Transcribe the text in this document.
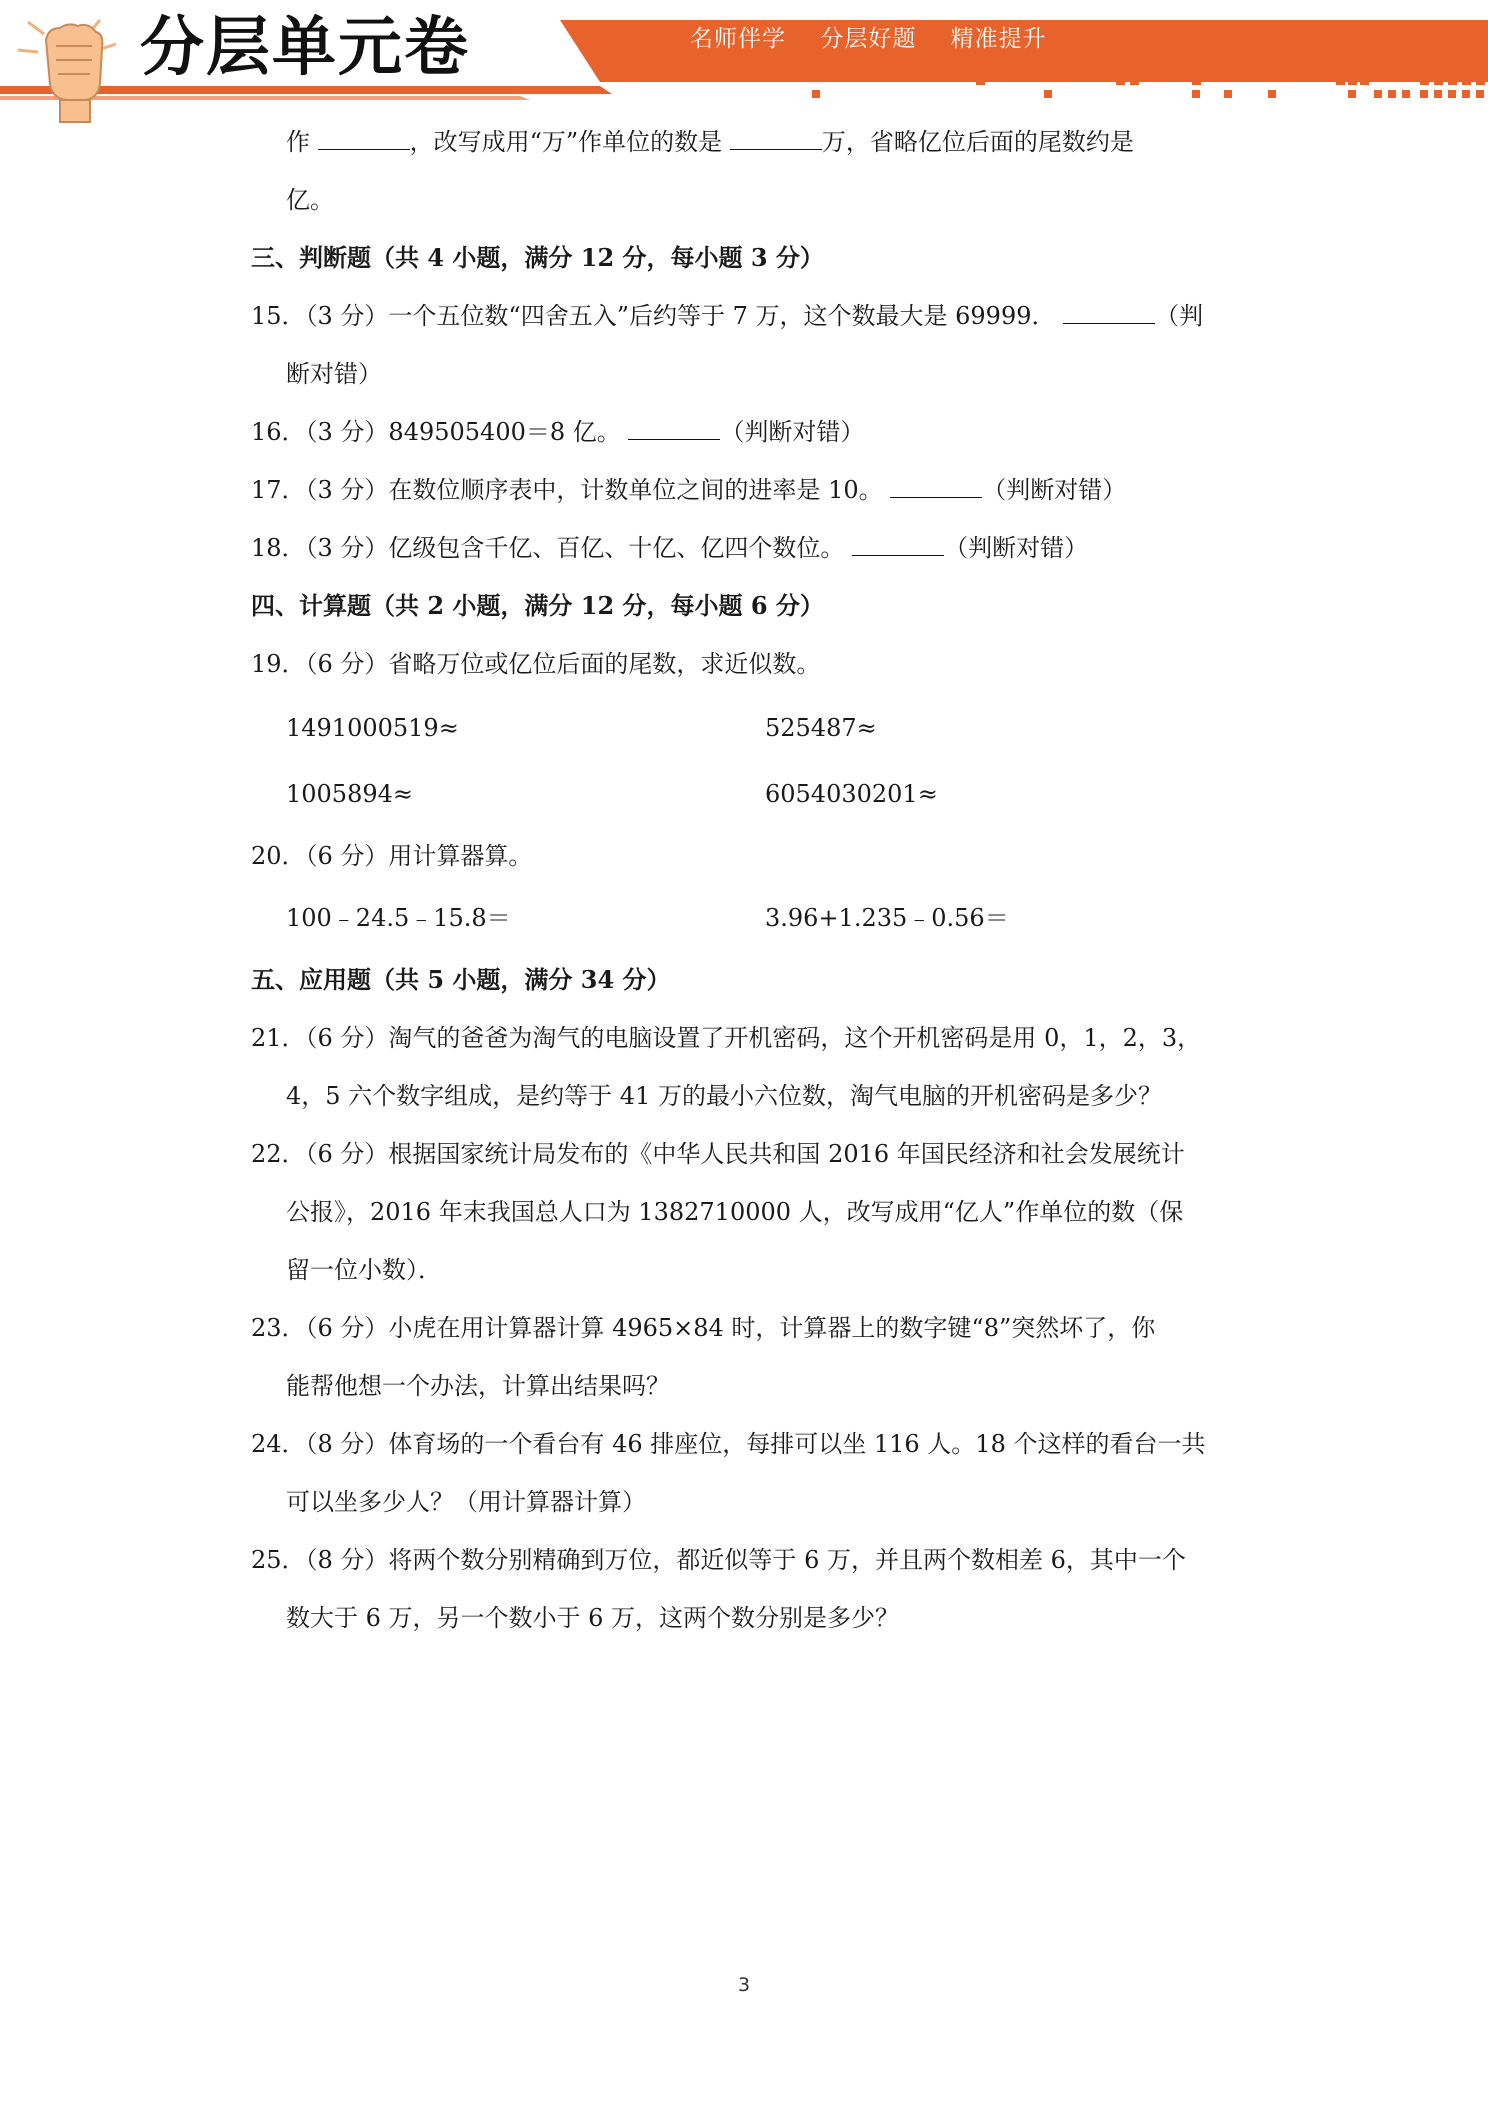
分层单元卷	名师伴学 分层好题 精准提升
作	，改写成用“万”作单位的数是	万，省略亿位后面的尾数约是
亿。
三、判断题（共 4 小题，满分 12 分，每小题 3 分）
15．（3 分）一个五位数“四舍五入”后约等于 7 万，这个数最大是 69999．	（判
断对错）
16．（3 分）849505400＝8 亿。	（判断对错）
17．（3 分）在数位顺序表中，计数单位之间的进率是 10。	（判断对错）
18．（3 分）亿级包含千亿、百亿、十亿、亿四个数位。	（判断对错）
四、计算题（共 2 小题，满分 12 分，每小题 6 分）
19．（6 分）省略万位或亿位后面的尾数，求近似数。
1491000519≈	525487≈
1005894≈	6054030201≈
20．（6 分）用计算器算。
100﹣24.5﹣15.8＝	3.96+1.235﹣0.56＝
五、应用题（共 5 小题，满分 34 分）
21．（6 分）淘气的爸爸为淘气的电脑设置了开机密码，这个开机密码是用 0，1，2，3，
4，5 六个数字组成，是约等于 41 万的最小六位数，淘气电脑的开机密码是多少？
22．（6 分）根据国家统计局发布的《中华人民共和国 2016 年国民经济和社会发展统计
公报》，2016 年末我国总人口为 1382710000 人，改写成用“亿人”作单位的数（保
留一位小数）．
23．（6 分）小虎在用计算器计算 4965×84 时，计算器上的数字键“8”突然坏了，你
能帮他想一个办法，计算出结果吗？
24．（8 分）体育场的一个看台有 46 排座位，每排可以坐 116 人。18 个这样的看台一共
可以坐多少人？（用计算器计算）
25．（8 分）将两个数分别精确到万位，都近似等于 6 万，并且两个数相差 6，其中一个
数大于 6 万，另一个数小于 6 万，这两个数分别是多少？
3
